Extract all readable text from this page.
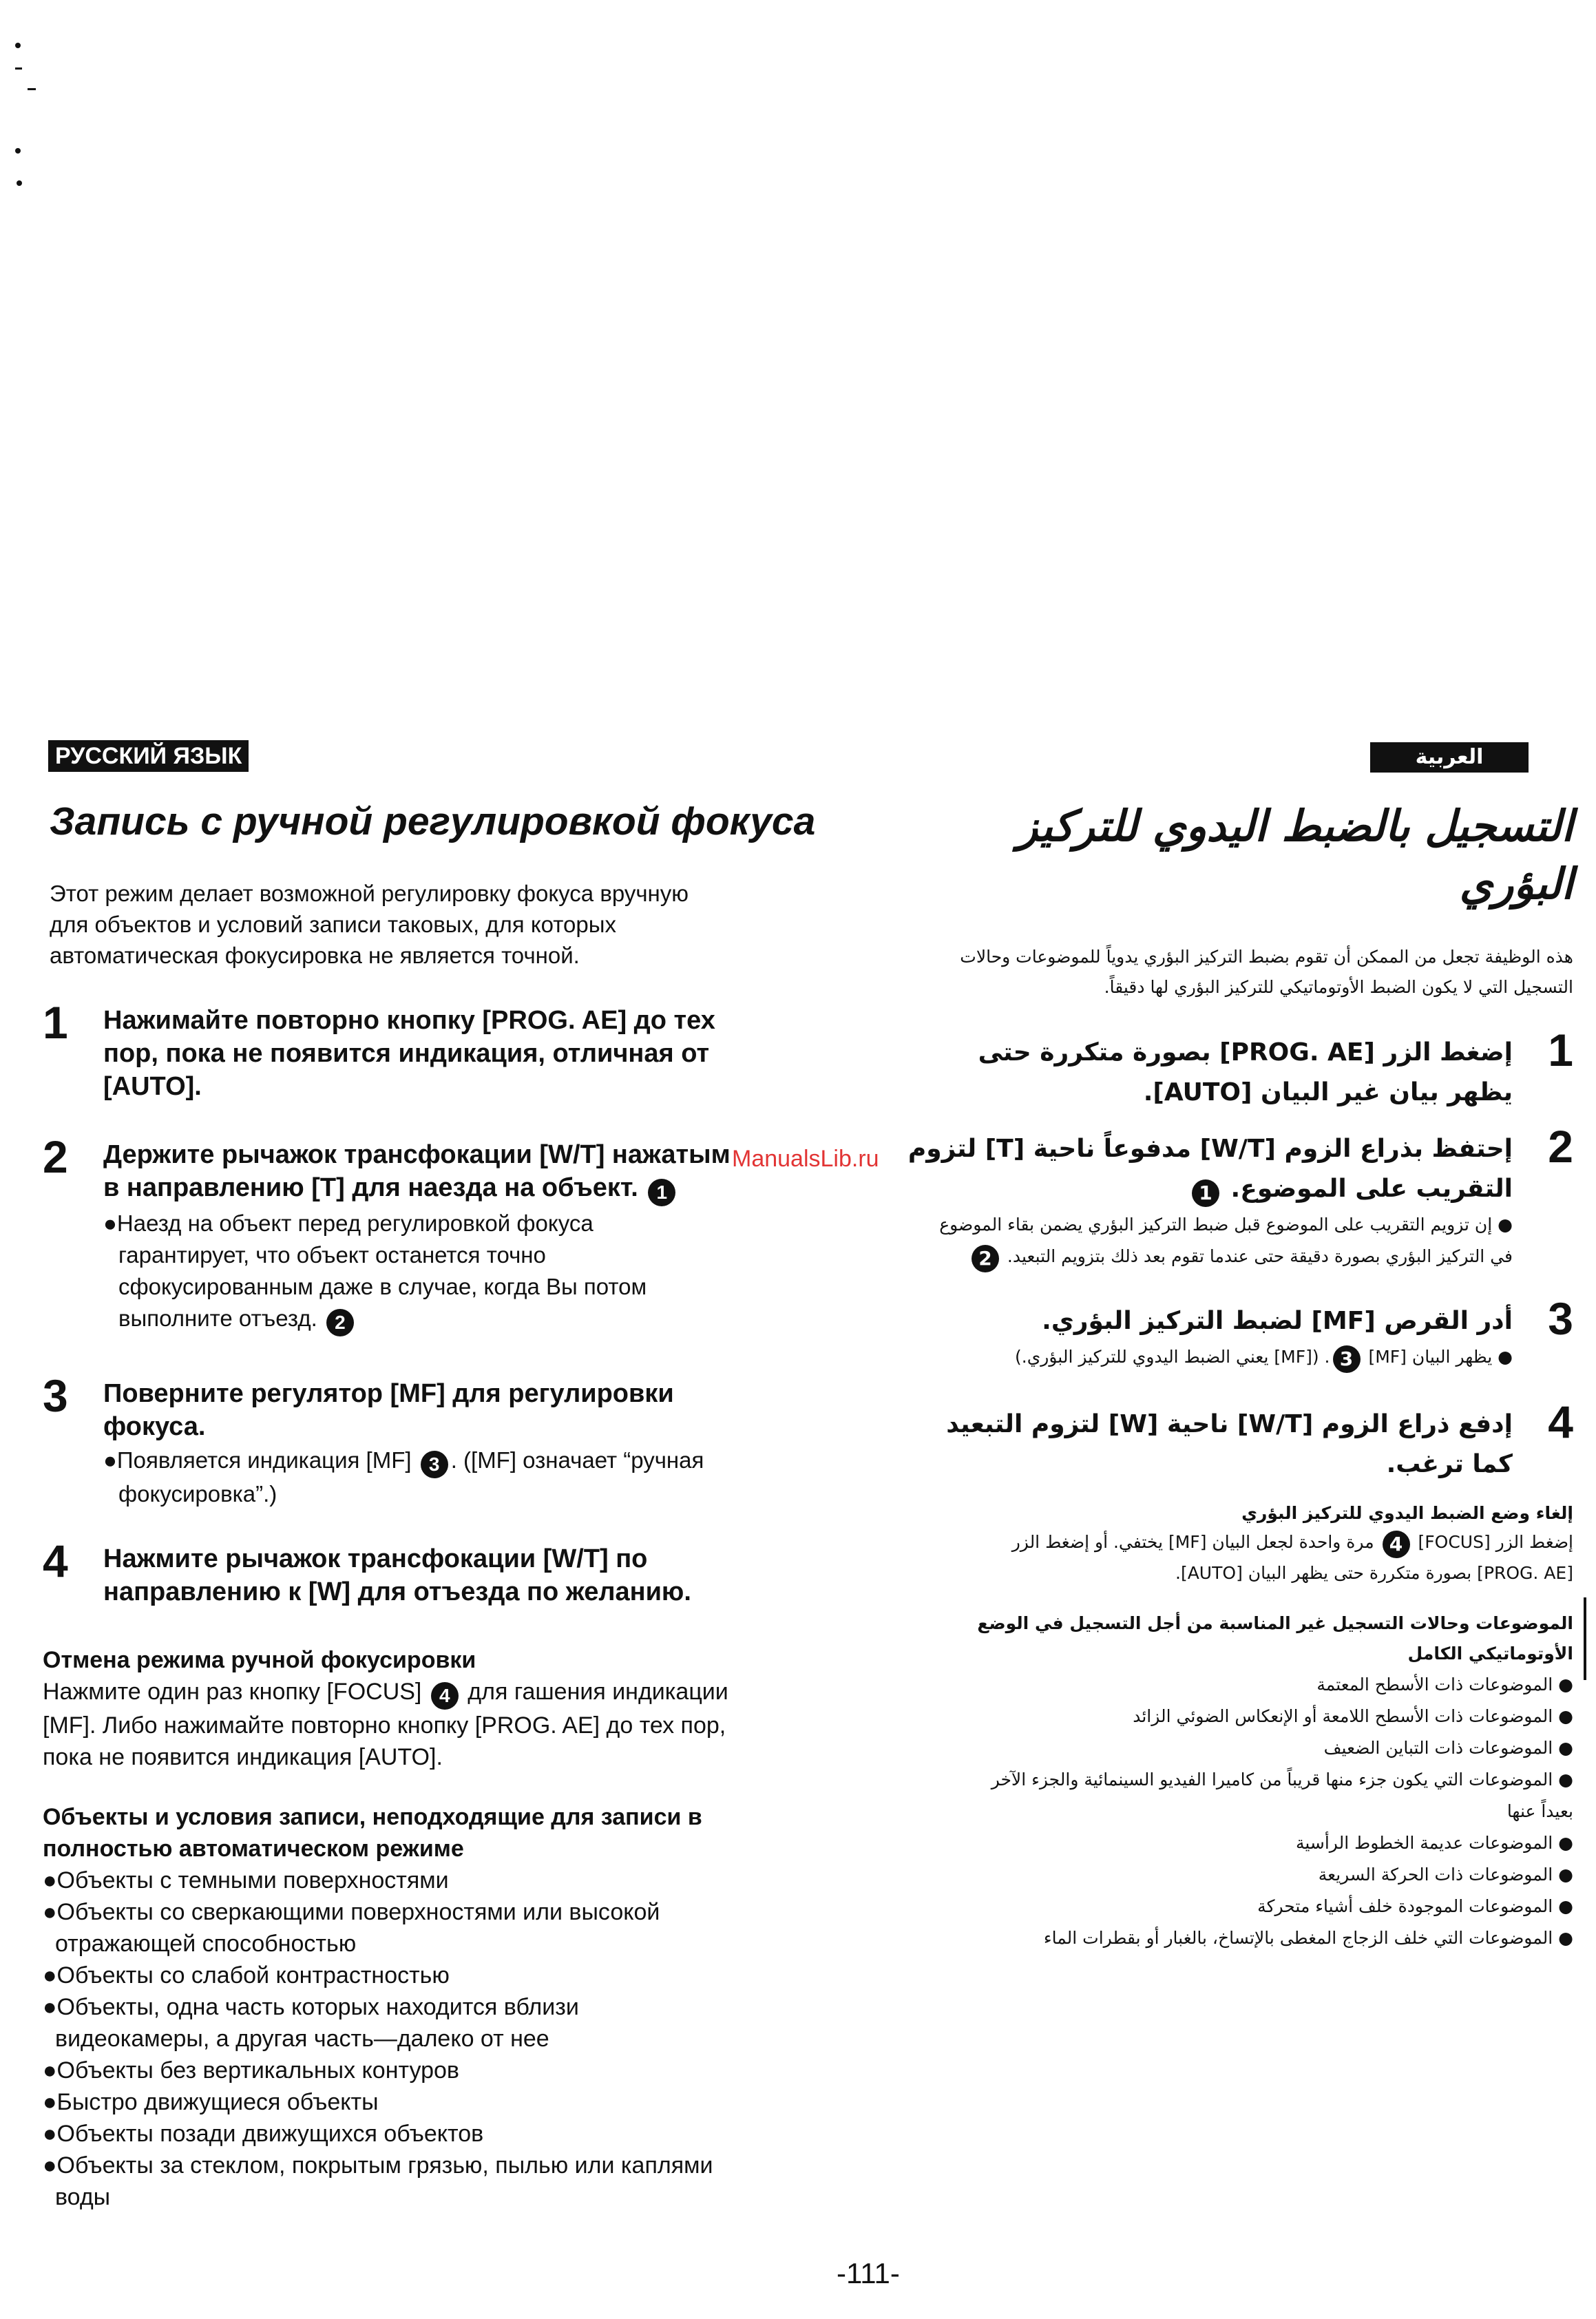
РУССКИЙ ЯЗЫК
Запись с ручной регулировкой фокуса
Этот режим делает возможной регулировку фокуса вручную
для объектов и условий записи таковых, для которых
автоматическая фокусировка не является точной.
1 Нажимайте повторно кнопку [PROG. AE] до тех
пор, пока не появится индикация, отличная от
[AUTO].
2 Держите рычажок трансфокации [W/T] нажатым
в направлению [T] для наезда на объект. 1
●Наезд на объект перед регулировкой фокуса
гарантирует, что объект останется точно
сфокусированным даже в случае, когда Вы потом
выполните отъезд. 2
3 Поверните регулятор [MF] для регулировки
фокуса.
●Появляется индикация [MF] 3 . ([MF] означает “ручная
фокусировка”.)
4 Нажмите рычажок трансфокации [W/T] по
направлению к [W] для отъезда по желанию.
Отмена режима ручной фокусировки
Нажмите один раз кнопку [FOCUS] 4 для гашения индикации
[MF]. Либо нажимайте повторно кнопку [PROG. AE] до тех пор,
пока не появится индикация [AUTO].
Объекты и условия записи, неподходящие для записи в
полностью автоматическом режиме
●Объекты с темными поверхностями
●Объекты со сверкающими поверхностями или высокой
отражающей способностью
●Объекты со слабой контрастностью
●Объекты, одна часть которых находится вблизи
видеокамеры, а другая часть—далеко от нее
●Объекты без вертикальных контуров
●Быстро движущиеся объекты
●Объекты позади движущихся объектов
●Объекты за стеклом, покрытым грязью, пылью или каплями
воды
العربية
التسجيل بالضبط اليدوي للتركيز
البؤري
هذه الوظيفة تجعل من الممكن أن تقوم بضبط التركيز البؤري يدوياً للموضوعات وحالات
التسجيل التي لا يكون الضبط الأوتوماتيكي للتركيز البؤري لها دقيقاً.
1
إضغط الزر [PROG. AE] بصورة متكررة حتى
يظهر بيان غير البيان [AUTO].
2
إحتفظ بذراع الزوم [W/T] مدفوعاً ناحية [T] لتزوم
التقريب على الموضوع. 1
● إن تزويم التقريب على الموضوع قبل ضبط التركيز البؤري يضمن بقاء الموضوع
في التركيز البؤري بصورة دقيقة حتى عندما تقوم بعد ذلك بتزويم التبعيد. 2
3
أدر القرص [MF] لضبط التركيز البؤري.
● يظهر البيان [MF] 3. ([MF] يعني الضبط اليدوي للتركيز البؤري.)
4
إدفع ذراع الزوم [W/T] ناحية [W] لتزوم التبعيد
كما ترغب.
إلغاء وضع الضبط اليدوي للتركيز البؤري
إضغط الزر [FOCUS] 4 مرة واحدة لجعل البيان [MF] يختفي. أو إضغط الزر
[PROG. AE] بصورة متكررة حتى يظهر البيان [AUTO].
الموضوعات وحالات التسجيل غير المناسبة من أجل التسجيل في الوضع
الأوتوماتيكي الكامل
● الموضوعات ذات الأسطح المعتمة
● الموضوعات ذات الأسطح اللامعة أو الإنعكاس الضوئي الزائد
● الموضوعات ذات التباين الضعيف
● الموضوعات التي يكون جزء منها قريباً من كاميرا الفيديو السينمائية والجزء الآخر
بعيداً عنها
● الموضوعات عديمة الخطوط الرأسية
● الموضوعات ذات الحركة السريعة
● الموضوعات الموجودة خلف أشياء متحركة
● الموضوعات التي خلف الزجاج المغطى بالإتساخ، بالغبار أو بقطرات الماء
ManualsLib.ru
-111-
